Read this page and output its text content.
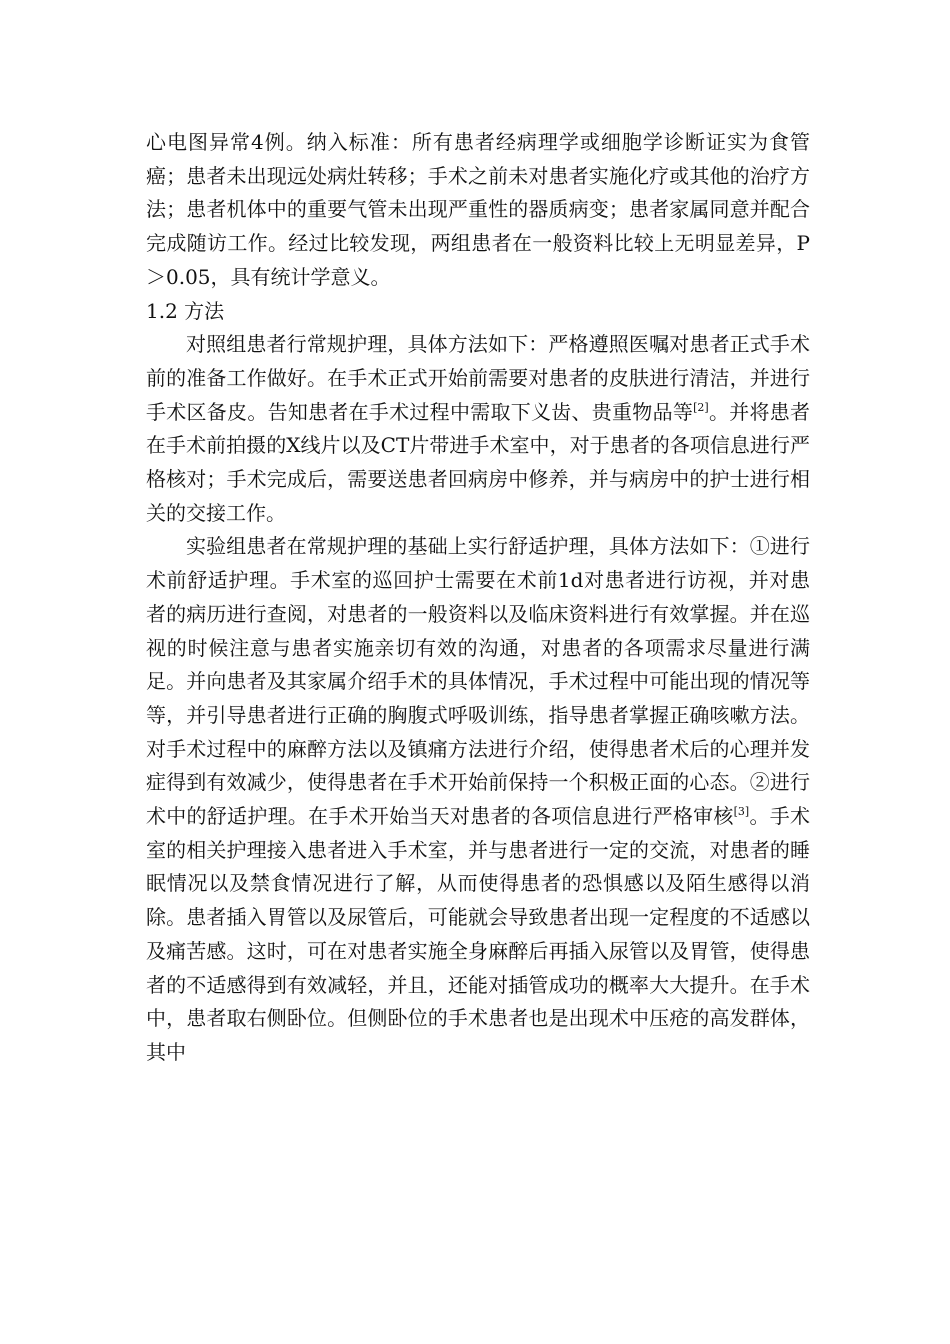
心电图异常4例。纳入标准：所有患者经病理学或细胞学诊断证实为食管癌；患者未出现远处病灶转移；手术之前未对患者实施化疗或其他的治疗方法；患者机体中的重要气管未出现严重性的器质病变；患者家属同意并配合完成随访工作。经过比较发现，两组患者在一般资料比较上无明显差异，P＞0.05，具有统计学意义。

1.2 方法

对照组患者行常规护理，具体方法如下：严格遵照医嘱对患者正式手术前的准备工作做好。在手术正式开始前需要对患者的皮肤进行清洁，并进行手术区备皮。告知患者在手术过程中需取下义齿、贵重物品等[2]。并将患者在手术前拍摄的X线片以及CT片带进手术室中，对于患者的各项信息进行严格核对；手术完成后，需要送患者回病房中修养，并与病房中的护士进行相关的交接工作。

实验组患者在常规护理的基础上实行舒适护理，具体方法如下：①进行术前舒适护理。手术室的巡回护士需要在术前1d对患者进行访视，并对患者的病历进行查阅，对患者的一般资料以及临床资料进行有效掌握。并在巡视的时候注意与患者实施亲切有效的沟通，对患者的各项需求尽量进行满足。并向患者及其家属介绍手术的具体情况，手术过程中可能出现的情况等等，并引导患者进行正确的胸腹式呼吸训练，指导患者掌握正确咳嗽方法。对手术过程中的麻醉方法以及镇痛方法进行介绍，使得患者术后的心理并发症得到有效减少，使得患者在手术开始前保持一个积极正面的心态。②进行术中的舒适护理。在手术开始当天对患者的各项信息进行严格审核[3]。手术室的相关护理接入患者进入手术室，并与患者进行一定的交流，对患者的睡眠情况以及禁食情况进行了解，从而使得患者的恐惧感以及陌生感得以消除。患者插入胃管以及尿管后，可能就会导致患者出现一定程度的不适感以及痛苦感。这时，可在对患者实施全身麻醉后再插入尿管以及胃管，使得患者的不适感得到有效减轻，并且，还能对插管成功的概率大大提升。在手术中，患者取右侧卧位。但侧卧位的手术患者也是出现术中压疮的高发群体，其中
